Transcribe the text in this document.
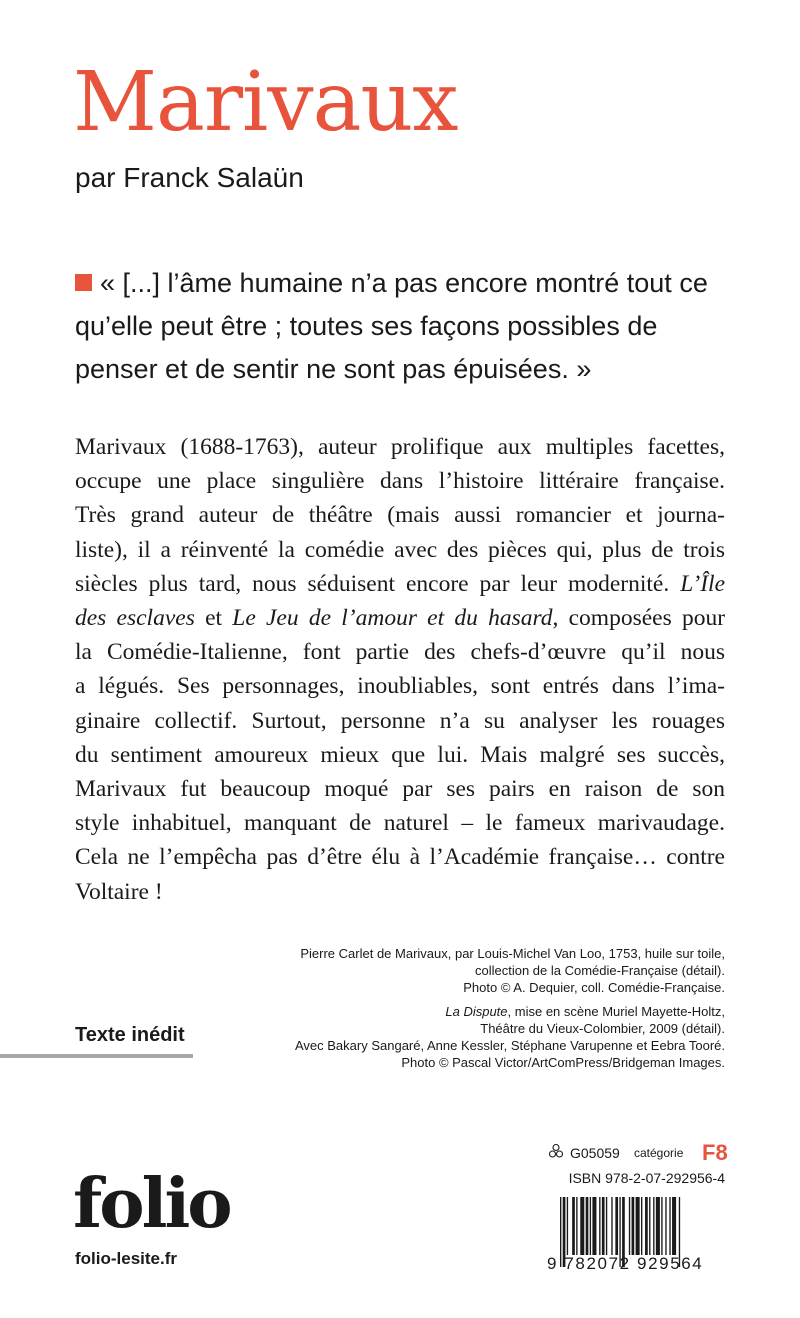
Marivaux
par Franck Salaün
« [...] l’âme humaine n’a pas encore montré tout ce qu’elle peut être ; toutes ses façons possibles de penser et de sentir ne sont pas épuisées. »
Marivaux (1688-1763), auteur prolifique aux multiples facettes,
occupe une place singulière dans l’histoire littéraire française.
Très grand auteur de théâtre (mais aussi romancier et journa-
liste), il a réinventé la comédie avec des pièces qui, plus de trois
siècles plus tard, nous séduisent encore par leur modernité. L’Île
des esclaves et Le Jeu de l’amour et du hasard, composées pour
la Comédie-Italienne, font partie des chefs-d’œuvre qu’il nous
a légués. Ses personnages, inoubliables, sont entrés dans l’ima-
ginaire collectif. Surtout, personne n’a su analyser les rouages
du sentiment amoureux mieux que lui. Mais malgré ses succès,
Marivaux fut beaucoup moqué par ses pairs en raison de son
style inhabituel, manquant de naturel – le fameux marivaudage.
Cela ne l’empêcha pas d’être élu à l’Académie française… contre
Voltaire !

Pierre Carlet de Marivaux, par Louis-Michel Van Loo, 1753, huile sur toile,
collection de la Comédie-Française (détail).
Photo © A. Dequier, coll. Comédie-Française.

La Dispute, mise en scène Muriel Mayette-Holtz,
Théâtre du Vieux-Colombier, 2009 (détail).
Avec Bakary Sangaré, Anne Kessler, Stéphane Varupenne et Eebra Tooré.
Photo © Pascal Victor/ArtComPress/Bridgeman Images.

Texte inédit
folio
folio-lesite.fr
G05059 catégorie F8
ISBN 978-2-07-292956-4
9 782072 929564
